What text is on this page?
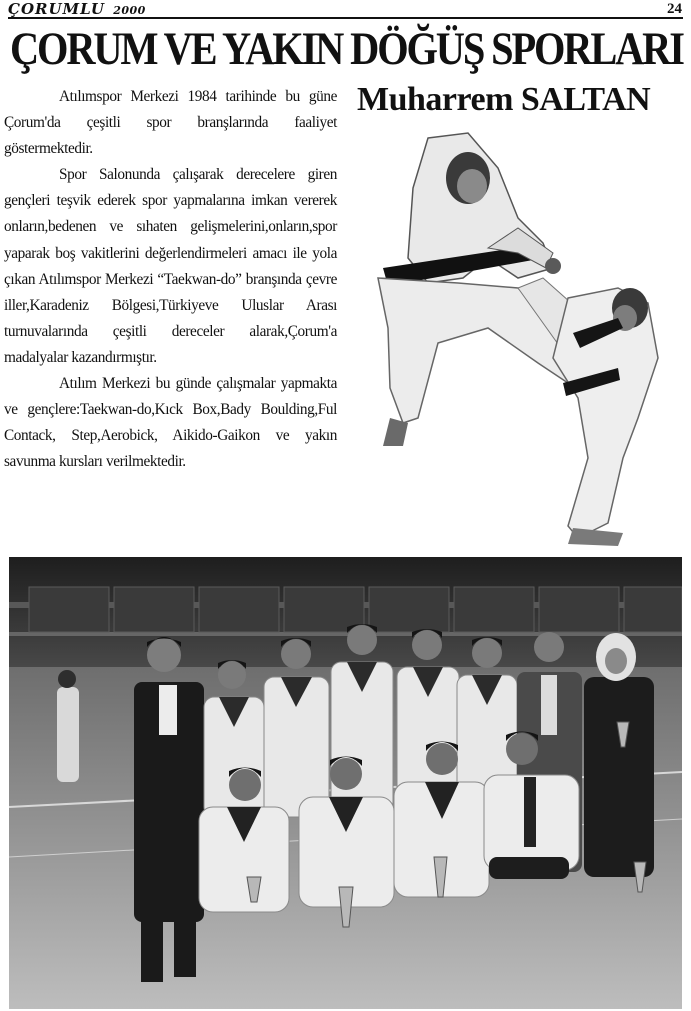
ÇORUMLU 2000	24
ÇORUM VE YAKIN DÖĞÜŞ SPORLARI
Muharrem SALTAN

Atılımspor Merkezi 1984 tarihinde bu güne Çorum'da çeşitli spor branşlarında faaliyet göstermektedir.

Spor Salonunda çalışarak derecelere giren gençleri teşvik ederek spor yapmalarına imkan vererek onların,bedenen ve sıhaten gelişmelerini,onların,spor yaparak boş vakitlerini değerlendirmeleri amacı ile yola çıkan Atılımspor Merkezi “Taekwan-do” branşında çevre iller,Karadeniz Bölgesi,Türkiyeve Uluslar Arası turnuvalarında çeşitli dereceler alarak,Çorum'a madalyalar kazandırmıştır.

Atılım Merkezi bu günde çalışmalar yapmakta ve gençlere:Taekwan-do,Kıck Box,Bady Boulding,Ful Contack, Step,Aerobick, Aikido-Gaikon ve yakın savunma kursları verilmektedir.
